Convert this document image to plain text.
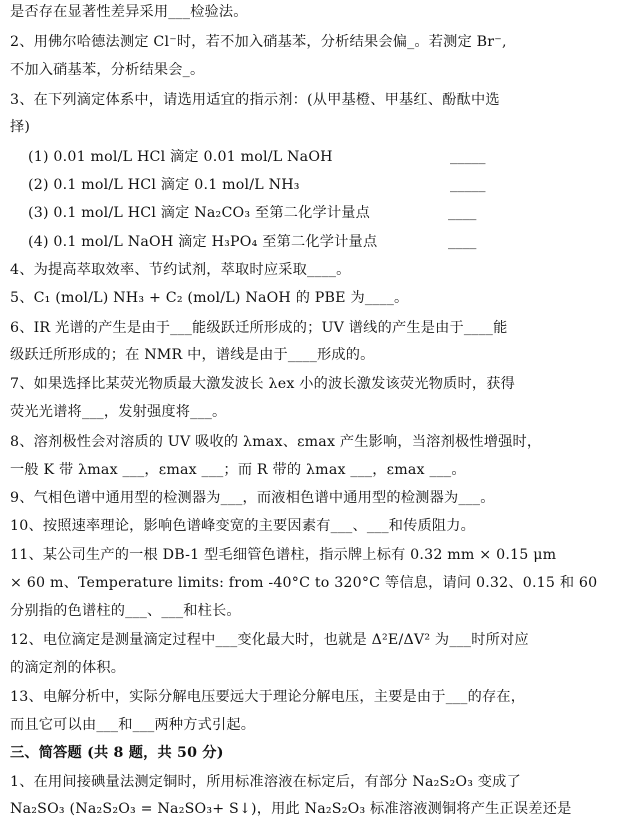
是否存在显著性差异采用___检验法。
2、用佛尔哈德法测定 Cl⁻时，若不加入硝基苯，分析结果会偏_。若测定 Br⁻,
不加入硝基苯，分析结果会_。
3、在下列滴定体系中，请选用适宜的指示剂：(从甲基橙、甲基红、酚酞中选
择)
(1) 0.01 mol/L HCl 滴定 0.01 mol/L NaOH	_____
(2) 0.1 mol/L HCl 滴定 0.1 mol/L NH₃	_____
(3) 0.1 mol/L HCl 滴定 Na₂CO₃ 至第二化学计量点	____
(4) 0.1 mol/L NaOH 滴定 H₃PO₄ 至第二化学计量点	____
4、为提高萃取效率、节约试剂，萃取时应采取____。
5、C₁ (mol/L) NH₃ + C₂ (mol/L) NaOH 的 PBE 为____。
6、IR 光谱的产生是由于___能级跃迁所形成的；UV 谱线的产生是由于____能
级跃迁所形成的；在 NMR 中，谱线是由于____形成的。
7、如果选择比某荧光物质最大激发波长 λex 小的波长激发该荧光物质时，获得
荧光光谱将___，发射强度将___。
8、溶剂极性会对溶质的 UV 吸收的 λmax、εmax 产生影响，当溶剂极性增强时，
一般 K 带 λmax ___，εmax ___；而 R 带的 λmax ___，εmax ___。
9、气相色谱中通用型的检测器为___，而液相色谱中通用型的检测器为___。
10、按照速率理论，影响色谱峰变宽的主要因素有___、___和传质阻力。
11、某公司生产的一根 DB-1 型毛细管色谱柱，指示牌上标有 0.32 mm × 0.15 μm
× 60 m、Temperature limits: from -40°C to 320°C 等信息，请问 0.32、0.15 和 60
分别指的色谱柱的___、___和柱长。
12、电位滴定是测量滴定过程中___变化最大时，也就是 Δ²E/ΔV² 为___时所对应
的滴定剂的体积。
13、电解分析中，实际分解电压要远大于理论分解电压，主要是由于___的存在，
而且它可以由___和___两种方式引起。
三、简答题 (共 8 题，共 50 分)
1、在用间接碘量法测定铜时，所用标准溶液在标定后，有部分 Na₂S₂O₃ 变成了
Na₂SO₃ (Na₂S₂O₃ = Na₂SO₃+ S↓)，用此 Na₂S₂O₃ 标准溶液测铜将产生正误差还是
